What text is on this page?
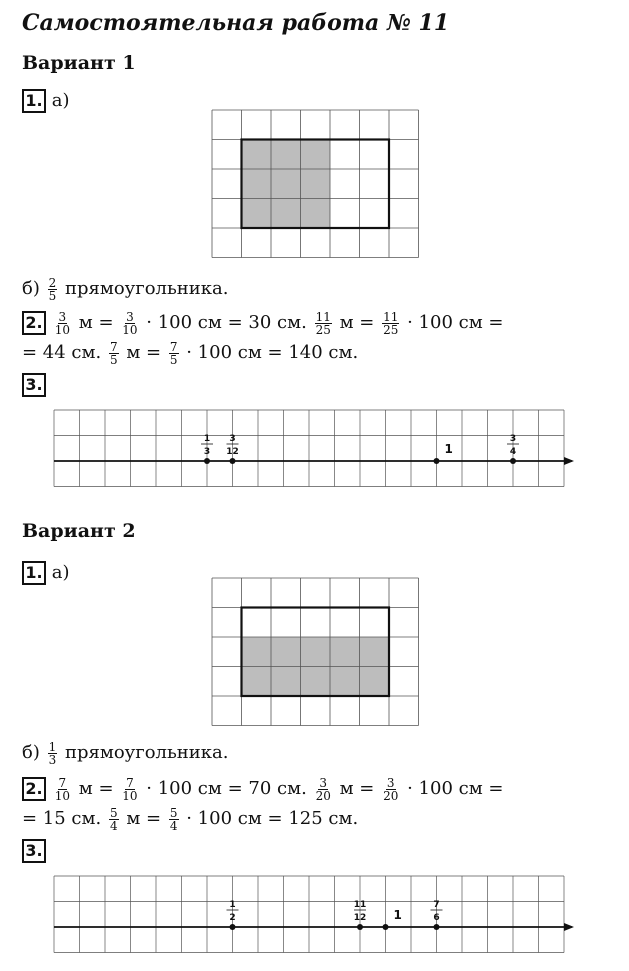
Самостоятельная работа № 11
Вариант 1
1. а)
$б) \frac{2}{5}$ прямоугольника.
2. $\frac{3}{10}$ $м = \frac{3}{10} \cdot 100$ см = 30 см. $\frac{11}{25}$ $м = \frac{11}{25} \cdot 100$ см =
= 44 см. $\frac{7}{5}$ $м = \frac{7}{5} \cdot 100$ см = 140 см.
3.
1
3
3
12	1
3
4
Вариант 2
1. а)
$б) \frac{1}{3}$ прямоугольника.
2. $\frac{7}{10}$ $м = \frac{7}{10} \cdot 100$ см = 70 см. $\frac{3}{20}$ $м = \frac{3}{20} \cdot 100$ см =
= 15 см. $\frac{5}{4}$ $м = \frac{5}{4} \cdot 100$ см = 125 см.
3.
1
2
11
12 1
7
6
